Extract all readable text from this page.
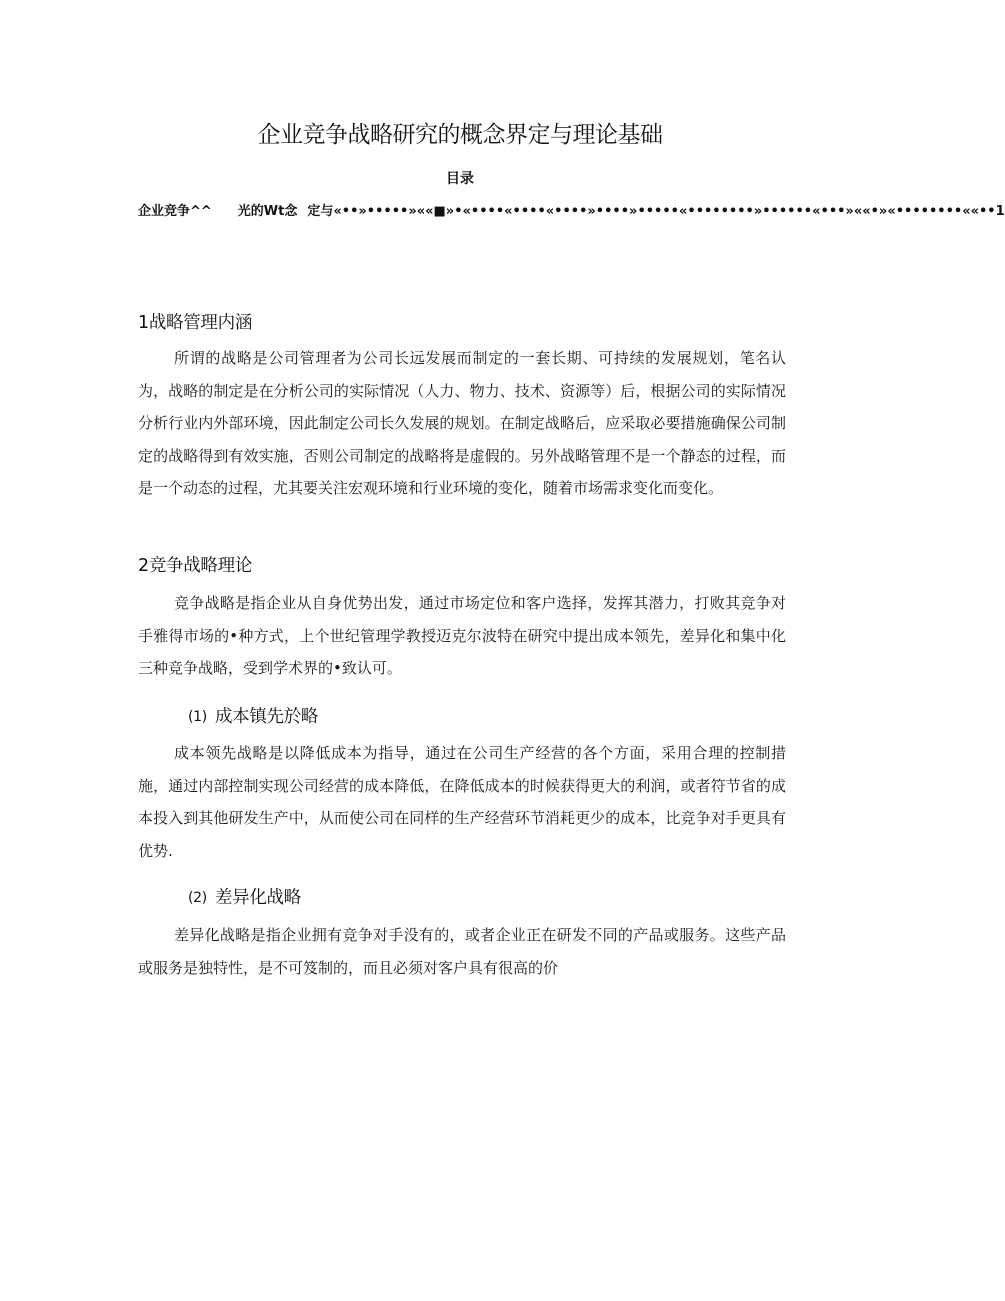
企业竞争战略研究的概念界定与理论基础
目录
企业竞争^^ 光的Wt念 定与«••»•••••»««■»•«••••«••••«••••»••••»•••••«••••••••»••••••«•••»««•»«••••••••««••1
1战略管理内涵

所谓的战略是公司管理者为公司长远发展而制定的一套长期、可持续的发展规划，笔名认为，战略的制定是在分析公司的实际情况（人力、物力、技术、资源等）后，根据公司的实际情况分析行业内外部环境，因此制定公司长久发展的规划。在制定战略后，应采取必要措施确保公司制定的战略得到有效实施，否则公司制定的战略将是虚假的。另外战略管理不是一个静态的过程，而是一个动态的过程，尤其要关注宏观环境和行业环境的变化，随着市场需求变化而变化。

2竞争战略理论

竞争战略是指企业从自身优势出发，通过市场定位和客户选择，发挥其潜力，打败其竞争对手雅得市场的•种方式，上个世纪管理学教授迈克尔波特在研究中提出成本领先，差异化和集中化三种竞争战略，受到学术界的•致认可。

(1) 成本镇先於略

成本领先战略是以降低成本为指导，通过在公司生产经营的各个方面，采用合理的控制措施，通过内部控制实现公司经营的成本降低，在降低成本的时候获得更大的利润，或者符节省的成本投入到其他研发生产中，从而使公司在同样的生产经营环节消耗更少的成本，比竞争对手更具有优势.

(2) 差异化战略

差异化战略是指企业拥有竞争对手没有的，或者企业正在研发不同的产品或服务。这些产品或服务是独特性，是不可笈制的，而且必须对客户具有很高的价
